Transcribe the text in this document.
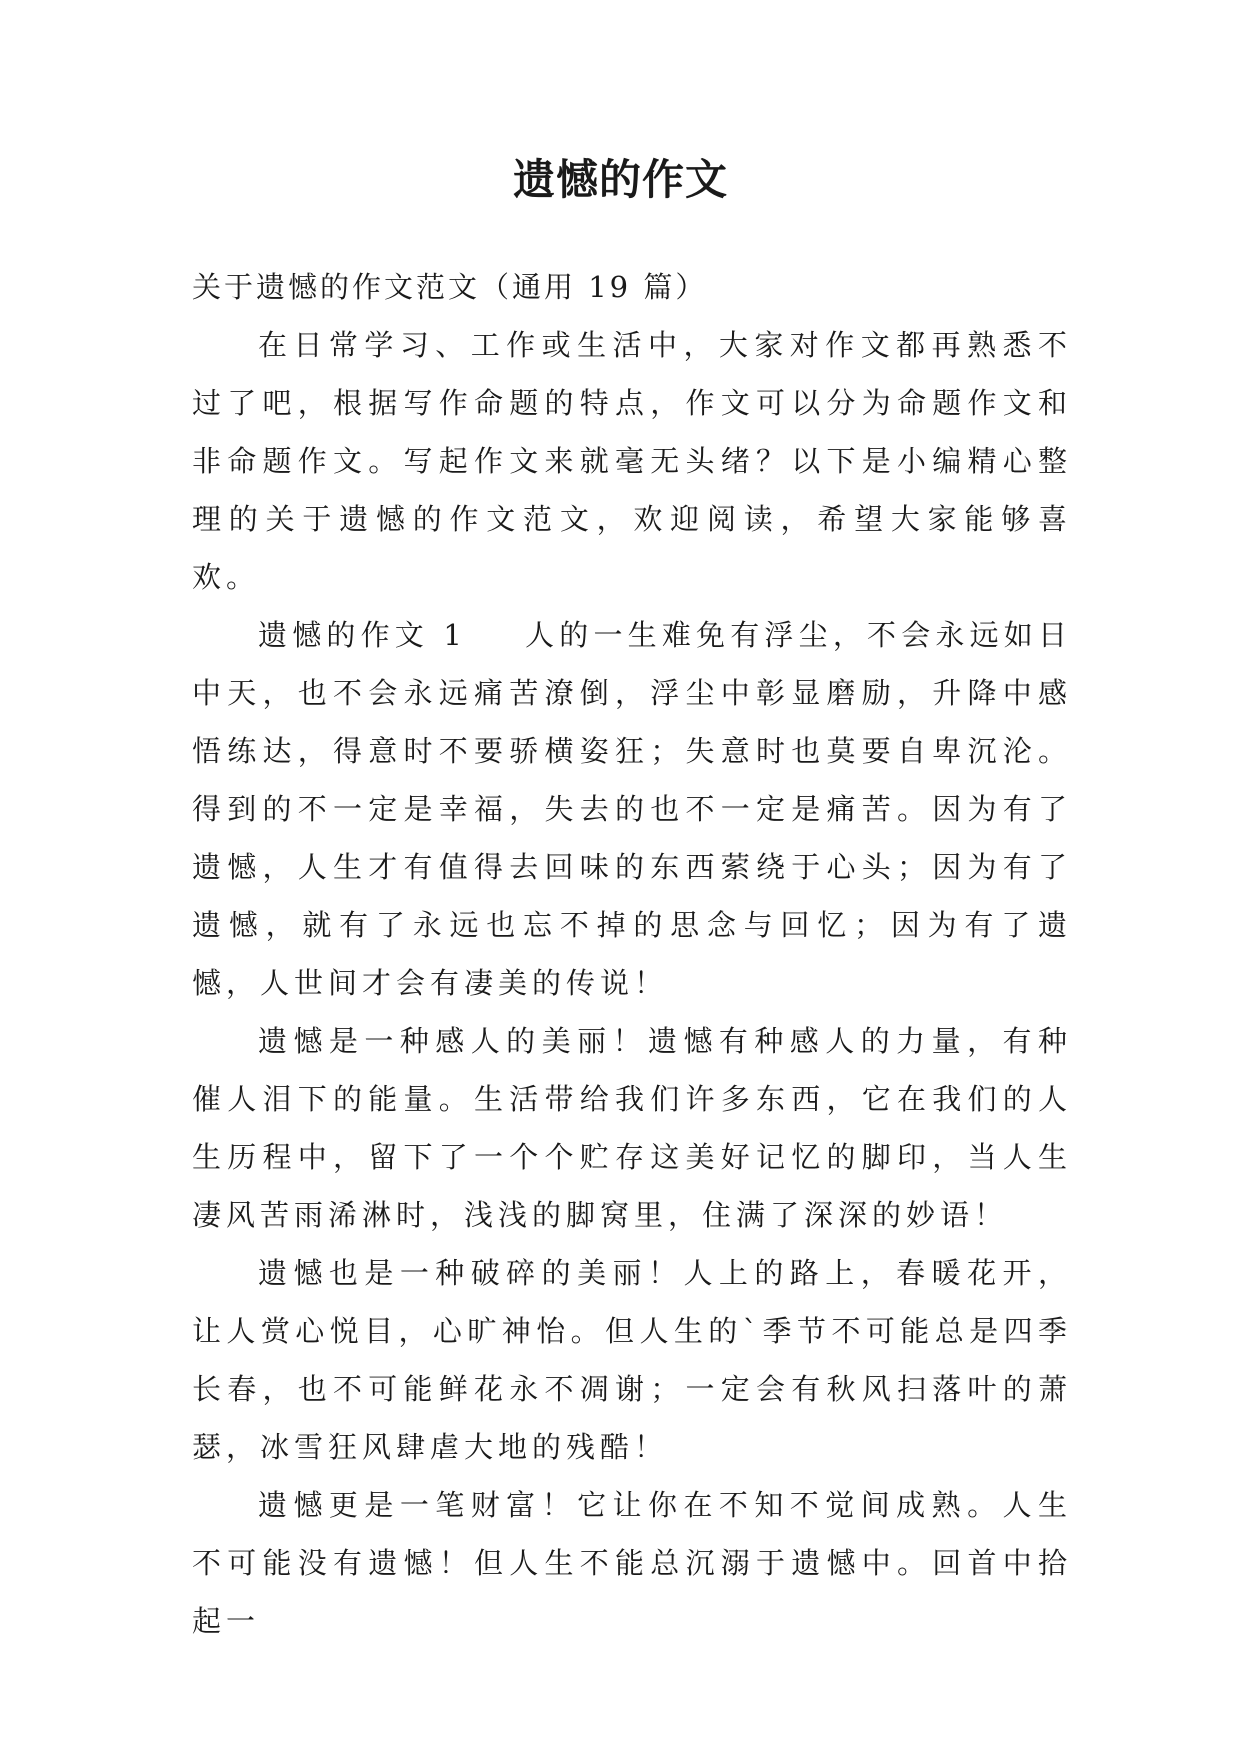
遗憾的作文

关于遗憾的作文范文（通用 19 篇）

在日常学习、工作或生活中，大家对作文都再熟悉不过了吧，根据写作命题的特点，作文可以分为命题作文和非命题作文。写起作文来就毫无头绪？以下是小编精心整理的关于遗憾的作文范文，欢迎阅读，希望大家能够喜欢。

遗憾的作文 1 人的一生难免有浮尘，不会永远如日中天，也不会永远痛苦潦倒，浮尘中彰显磨励，升降中感悟练达，得意时不要骄横姿狂；失意时也莫要自卑沉沦。得到的不一定是幸福，失去的也不一定是痛苦。因为有了遗憾，人生才有值得去回味的东西萦绕于心头；因为有了遗憾，就有了永远也忘不掉的思念与回忆；因为有了遗憾，人世间才会有凄美的传说！

遗憾是一种感人的美丽！遗憾有种感人的力量，有种催人泪下的能量。生活带给我们许多东西，它在我们的人生历程中，留下了一个个贮存这美好记忆的脚印，当人生凄风苦雨浠淋时，浅浅的脚窝里，住满了深深的妙语！

遗憾也是一种破碎的美丽！人上的路上，春暖花开，让人赏心悦目，心旷神怡。但人生的`季节不可能总是四季长春，也不可能鲜花永不凋谢；一定会有秋风扫落叶的萧瑟，冰雪狂风肆虐大地的残酷！

遗憾更是一笔财富！它让你在不知不觉间成熟。人生不可能没有遗憾！但人生不能总沉溺于遗憾中。回首中拾起一
